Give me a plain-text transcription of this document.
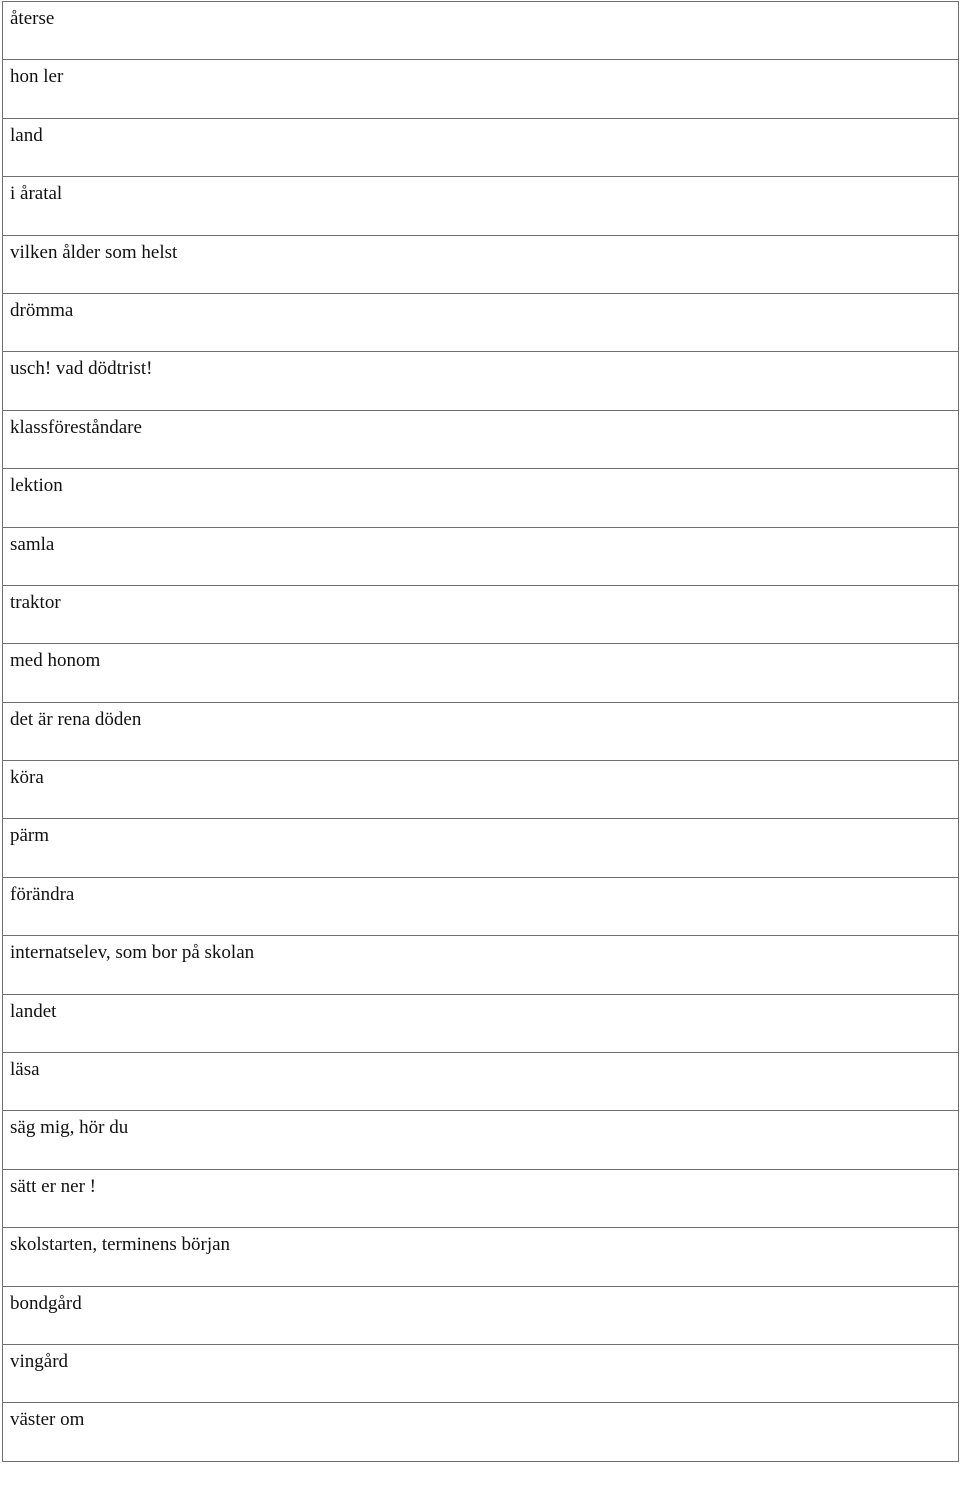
återse

hon ler

land

i åratal

vilken ålder som helst

drömma

usch! vad dödtrist!

klassföreståndare

lektion

samla

traktor

med honom

det är rena döden

köra

pärm

förändra

internatselev, som bor på skolan

landet

läsa

säg mig, hör du

sätt er ner !

skolstarten, terminens början

bondgård

vingård

väster om
